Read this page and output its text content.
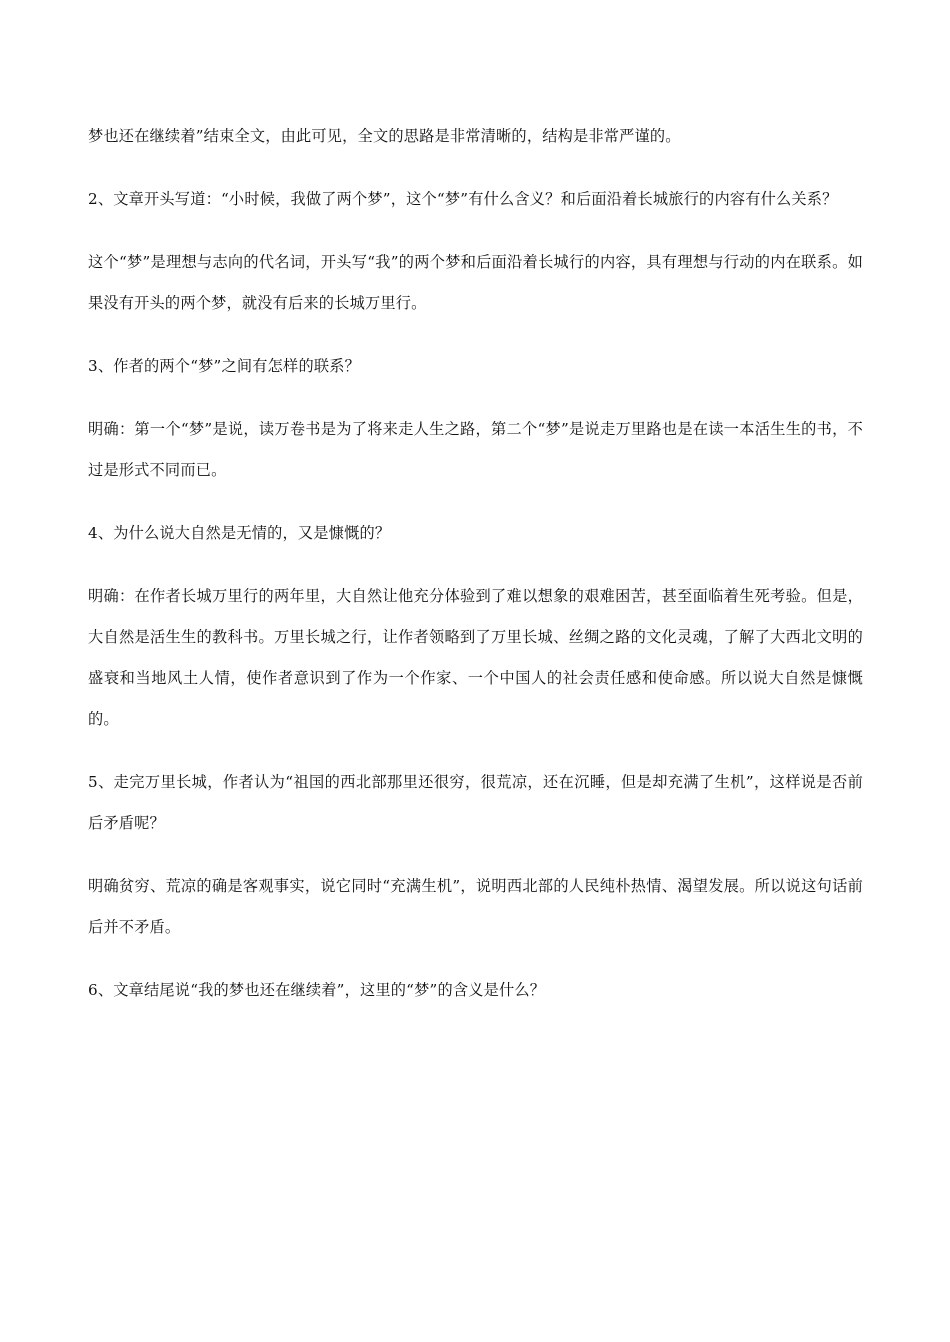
梦也还在继续着”结束全文，由此可见，全文的思路是非常清晰的，结构是非常严谨的。

2、文章开头写道：“小时候，我做了两个梦”，这个“梦”有什么含义？和后面沿着长城旅行的内容有什么关系？

这个“梦”是理想与志向的代名词，开头写“我”的两个梦和后面沿着长城行的内容，具有理想与行动的内在联系。如果没有开头的两个梦，就没有后来的长城万里行。

3、作者的两个“梦”之间有怎样的联系？

明确：第一个“梦”是说，读万卷书是为了将来走人生之路，第二个“梦”是说走万里路也是在读一本活生生的书，不过是形式不同而已。

4、为什么说大自然是无情的，又是慷慨的？

明确：在作者长城万里行的两年里，大自然让他充分体验到了难以想象的艰难困苦，甚至面临着生死考验。但是，大自然是活生生的教科书。万里长城之行，让作者领略到了万里长城、丝绸之路的文化灵魂，了解了大西北文明的盛衰和当地风土人情，使作者意识到了作为一个作家、一个中国人的社会责任感和使命感。所以说大自然是慷慨的。

5、走完万里长城，作者认为“祖国的西北部那里还很穷，很荒凉，还在沉睡，但是却充满了生机”，这样说是否前后矛盾呢？

明确贫穷、荒凉的确是客观事实，说它同时“充满生机”，说明西北部的人民纯朴热情、渴望发展。所以说这句话前后并不矛盾。

6、文章结尾说“我的梦也还在继续着”，这里的“梦”的含义是什么？
